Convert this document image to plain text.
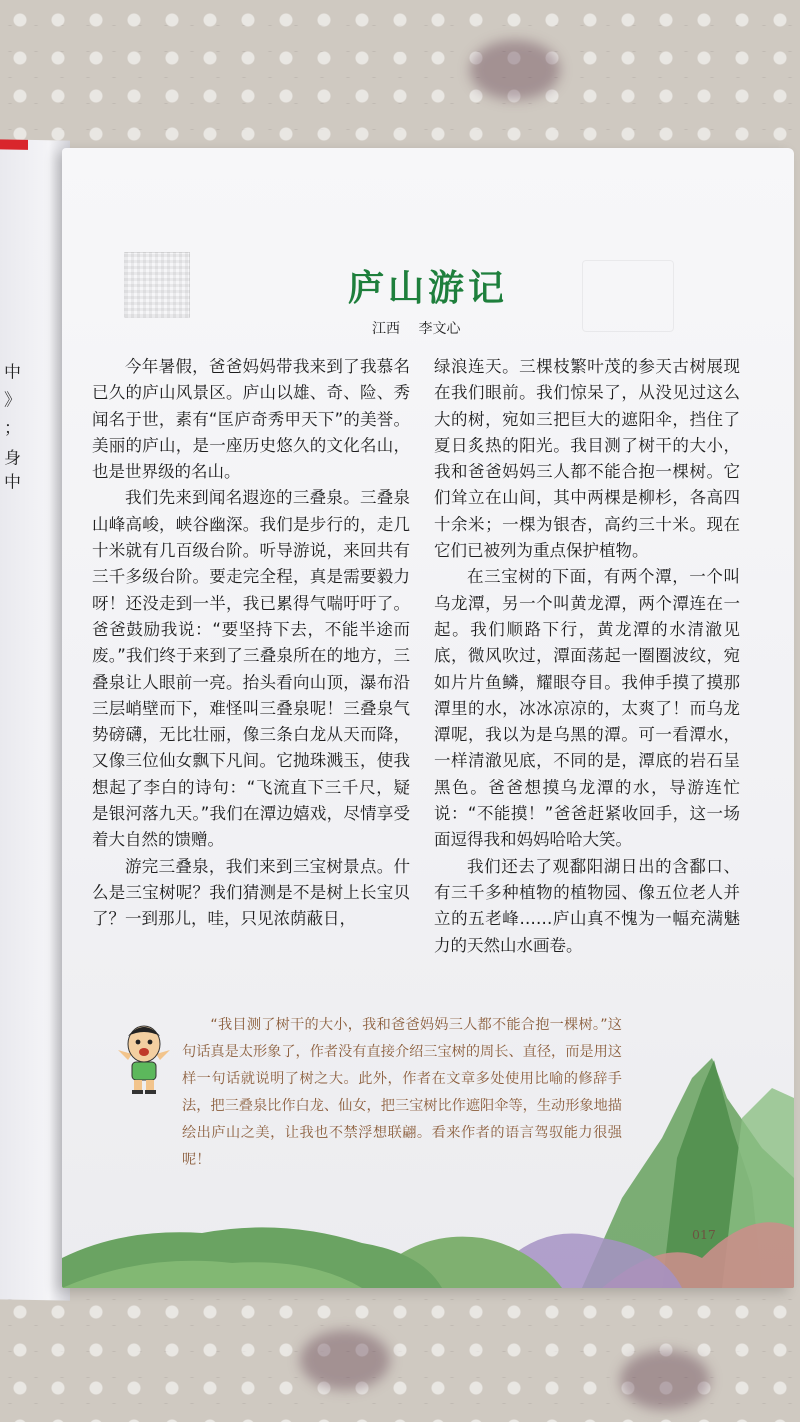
中
》
；
身
中
庐山游记
江西 李文心

今年暑假，爸爸妈妈带我来到了我慕名已久的庐山风景区。庐山以雄、奇、险、秀闻名于世，素有“匡庐奇秀甲天下”的美誉。美丽的庐山，是一座历史悠久的文化名山，也是世界级的名山。

我们先来到闻名遐迩的三叠泉。三叠泉山峰高峻，峡谷幽深。我们是步行的，走几十米就有几百级台阶。听导游说，来回共有三千多级台阶。要走完全程，真是需要毅力呀！还没走到一半，我已累得气喘吁吁了。爸爸鼓励我说：“要坚持下去，不能半途而废。”我们终于来到了三叠泉所在的地方，三叠泉让人眼前一亮。抬头看向山顶，瀑布沿三层峭壁而下，难怪叫三叠泉呢！三叠泉气势磅礴，无比壮丽，像三条白龙从天而降，又像三位仙女飘下凡间。它抛珠溅玉，使我想起了李白的诗句：“飞流直下三千尺，疑是银河落九天。”我们在潭边嬉戏，尽情享受着大自然的馈赠。

游完三叠泉，我们来到三宝树景点。什么是三宝树呢？我们猜测是不是树上长宝贝了？一到那儿，哇，只见浓荫蔽日，

绿浪连天。三棵枝繁叶茂的参天古树展现在我们眼前。我们惊呆了，从没见过这么大的树，宛如三把巨大的遮阳伞，挡住了夏日炙热的阳光。我目测了树干的大小，我和爸爸妈妈三人都不能合抱一棵树。它们耸立在山间，其中两棵是柳杉，各高四十余米；一棵为银杏，高约三十米。现在它们已被列为重点保护植物。

在三宝树的下面，有两个潭，一个叫乌龙潭，另一个叫黄龙潭，两个潭连在一起。我们顺路下行，黄龙潭的水清澈见底，微风吹过，潭面荡起一圈圈波纹，宛如片片鱼鳞，耀眼夺目。我伸手摸了摸那潭里的水，冰冰凉凉的，太爽了！而乌龙潭呢，我以为是乌黑的潭。可一看潭水，一样清澈见底，不同的是，潭底的岩石呈黑色。爸爸想摸乌龙潭的水，导游连忙说：“不能摸！”爸爸赶紧收回手，这一场面逗得我和妈妈哈哈大笑。

我们还去了观鄱阳湖日出的含鄱口、有三千多种植物的植物园、像五位老人并立的五老峰……庐山真不愧为一幅充满魅力的天然山水画卷。

“我目测了树干的大小，我和爸爸妈妈三人都不能合抱一棵树。”这句话真是太形象了，作者没有直接介绍三宝树的周长、直径，而是用这样一句话就说明了树之大。此外，作者在文章多处使用比喻的修辞手法，把三叠泉比作白龙、仙女，把三宝树比作遮阳伞等，生动形象地描绘出庐山之美，让我也不禁浮想联翩。看来作者的语言驾驭能力很强呢！

017
